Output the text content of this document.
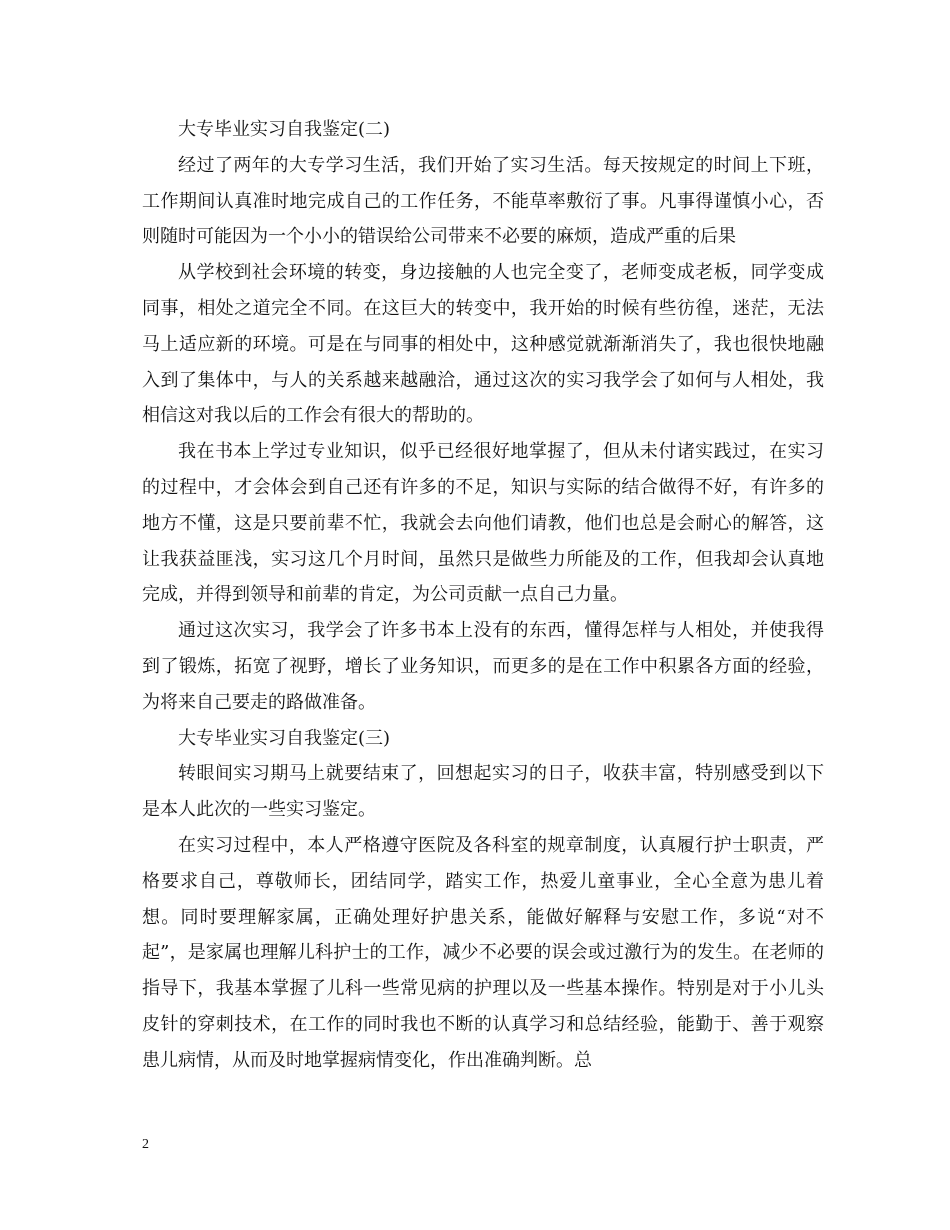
大专毕业实习自我鉴定(二)

经过了两年的大专学习生活，我们开始了实习生活。每天按规定的时间上下班，工作期间认真准时地完成自己的工作任务，不能草率敷衍了事。凡事得谨慎小心，否则随时可能因为一个小小的错误给公司带来不必要的麻烦，造成严重的后果

从学校到社会环境的转变，身边接触的人也完全变了，老师变成老板，同学变成同事，相处之道完全不同。在这巨大的转变中，我开始的时候有些彷徨，迷茫，无法马上适应新的环境。可是在与同事的相处中，这种感觉就渐渐消失了，我也很快地融入到了集体中，与人的关系越来越融洽，通过这次的实习我学会了如何与人相处，我相信这对我以后的工作会有很大的帮助的。

我在书本上学过专业知识，似乎已经很好地掌握了，但从未付诸实践过，在实习的过程中，才会体会到自己还有许多的不足，知识与实际的结合做得不好，有许多的地方不懂，这是只要前辈不忙，我就会去向他们请教，他们也总是会耐心的解答，这让我获益匪浅，实习这几个月时间，虽然只是做些力所能及的工作，但我却会认真地完成，并得到领导和前辈的肯定，为公司贡献一点自己力量。

通过这次实习，我学会了许多书本上没有的东西，懂得怎样与人相处，并使我得到了锻炼，拓宽了视野，增长了业务知识，而更多的是在工作中积累各方面的经验，为将来自己要走的路做准备。

大专毕业实习自我鉴定(三)

转眼间实习期马上就要结束了，回想起实习的日子，收获丰富，特别感受到以下是本人此次的一些实习鉴定。

在实习过程中，本人严格遵守医院及各科室的规章制度，认真履行护士职责，严格要求自己，尊敬师长，团结同学，踏实工作，热爱儿童事业，全心全意为患儿着想。同时要理解家属，正确处理好护患关系，能做好解释与安慰工作，多说“对不起”，是家属也理解儿科护士的工作，减少不必要的误会或过激行为的发生。在老师的指导下，我基本掌握了儿科一些常见病的护理以及一些基本操作。特别是对于小儿头皮针的穿刺技术，在工作的同时我也不断的认真学习和总结经验，能勤于、善于观察患儿病情，从而及时地掌握病情变化，作出准确判断。总

2
